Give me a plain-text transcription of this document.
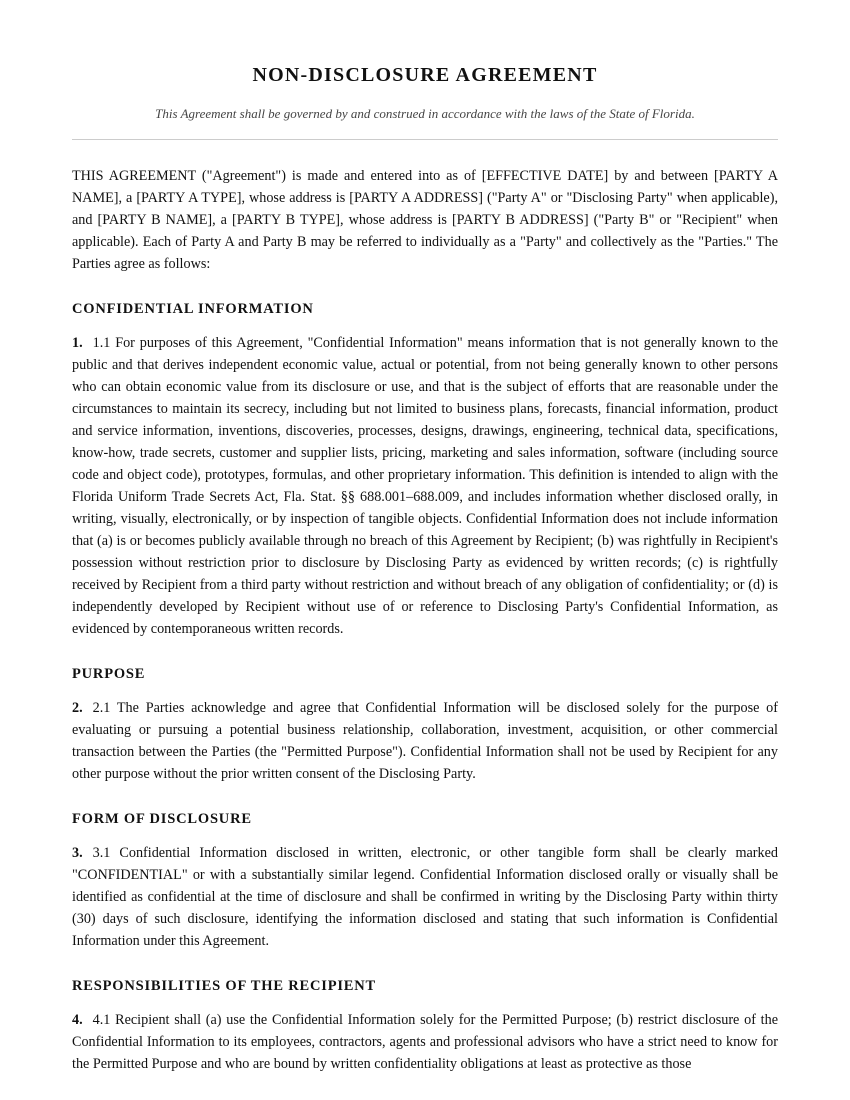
NON-DISCLOSURE AGREEMENT

This Agreement shall be governed by and construed in accordance with the laws of the State of Florida.

THIS AGREEMENT ("Agreement") is made and entered into as of [EFFECTIVE DATE] by and between [PARTY A NAME], a [PARTY A TYPE], whose address is [PARTY A ADDRESS] ("Party A" or "Disclosing Party" when applicable), and [PARTY B NAME], a [PARTY B TYPE], whose address is [PARTY B ADDRESS] ("Party B" or "Recipient" when applicable). Each of Party A and Party B may be referred to individually as a "Party" and collectively as the "Parties." The Parties agree as follows:

CONFIDENTIAL INFORMATION

1. 1.1 For purposes of this Agreement, "Confidential Information" means information that is not generally known to the public and that derives independent economic value, actual or potential, from not being generally known to other persons who can obtain economic value from its disclosure or use, and that is the subject of efforts that are reasonable under the circumstances to maintain its secrecy, including but not limited to business plans, forecasts, financial information, product and service information, inventions, discoveries, processes, designs, drawings, engineering, technical data, specifications, know-how, trade secrets, customer and supplier lists, pricing, marketing and sales information, software (including source code and object code), prototypes, formulas, and other proprietary information. This definition is intended to align with the Florida Uniform Trade Secrets Act, Fla. Stat. §§ 688.001–688.009, and includes information whether disclosed orally, in writing, visually, electronically, or by inspection of tangible objects. Confidential Information does not include information that (a) is or becomes publicly available through no breach of this Agreement by Recipient; (b) was rightfully in Recipient's possession without restriction prior to disclosure by Disclosing Party as evidenced by written records; (c) is rightfully received by Recipient from a third party without restriction and without breach of any obligation of confidentiality; or (d) is independently developed by Recipient without use of or reference to Disclosing Party's Confidential Information, as evidenced by contemporaneous written records.

PURPOSE

2. 2.1 The Parties acknowledge and agree that Confidential Information will be disclosed solely for the purpose of evaluating or pursuing a potential business relationship, collaboration, investment, acquisition, or other commercial transaction between the Parties (the "Permitted Purpose"). Confidential Information shall not be used by Recipient for any other purpose without the prior written consent of the Disclosing Party.

FORM OF DISCLOSURE

3. 3.1 Confidential Information disclosed in written, electronic, or other tangible form shall be clearly marked "CONFIDENTIAL" or with a substantially similar legend. Confidential Information disclosed orally or visually shall be identified as confidential at the time of disclosure and shall be confirmed in writing by the Disclosing Party within thirty (30) days of such disclosure, identifying the information disclosed and stating that such information is Confidential Information under this Agreement.

RESPONSIBILITIES OF THE RECIPIENT

4. 4.1 Recipient shall (a) use the Confidential Information solely for the Permitted Purpose; (b) restrict disclosure of the Confidential Information to its employees, contractors, agents and professional advisors who have a strict need to know for the Permitted Purpose and who are bound by written confidentiality obligations at least as protective as those
